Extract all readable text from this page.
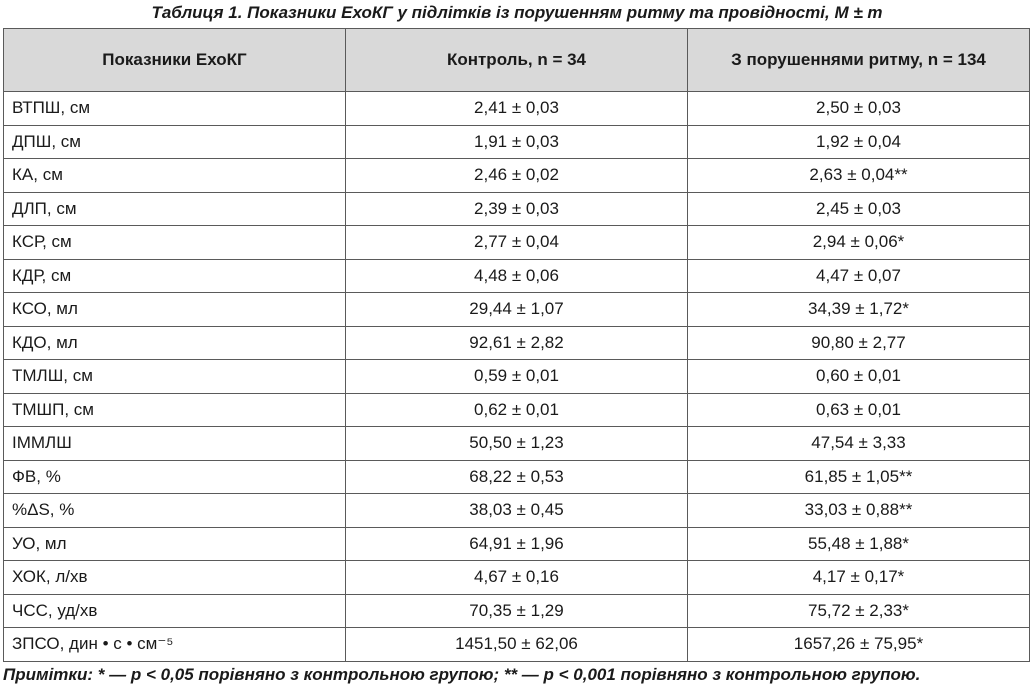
Таблиця 1. Показники ЕхоКГ у підлітків із порушенням ритму та провідності, M ± m
Показники ЕхоКГ	Контроль, n = 34	З порушеннями ритму, n = 134
ВТПШ, см	2,41 ± 0,03	2,50 ± 0,03
ДПШ, см	1,91 ± 0,03	1,92 ± 0,04
КА, см	2,46 ± 0,02	2,63 ± 0,04**
ДЛП, см	2,39 ± 0,03	2,45 ± 0,03
КСР, см	2,77 ± 0,04	2,94 ± 0,06*
КДР, см	4,48 ± 0,06	4,47 ± 0,07
КСО, мл	29,44 ± 1,07	34,39 ± 1,72*
КДО, мл	92,61 ± 2,82	90,80 ± 2,77
ТМЛШ, см	0,59 ± 0,01	0,60 ± 0,01
ТМШП, см	0,62 ± 0,01	0,63 ± 0,01
ІММЛШ	50,50 ± 1,23	47,54 ± 3,33
ФВ, %	68,22 ± 0,53	61,85 ± 1,05**
%ΔS, %	38,03 ± 0,45	33,03 ± 0,88**
УО, мл	64,91 ± 1,96	55,48 ± 1,88*
ХОК, л/хв	4,67 ± 0,16	4,17 ± 0,17*
ЧСС, уд/хв	70,35 ± 1,29	75,72 ± 2,33*
ЗПСО, дин • с • см⁻⁵	1451,50 ± 62,06	1657,26 ± 75,95*
Примітки: * — p < 0,05 порівняно з контрольною групою; ** — p < 0,001 порівняно з контрольною групою.
